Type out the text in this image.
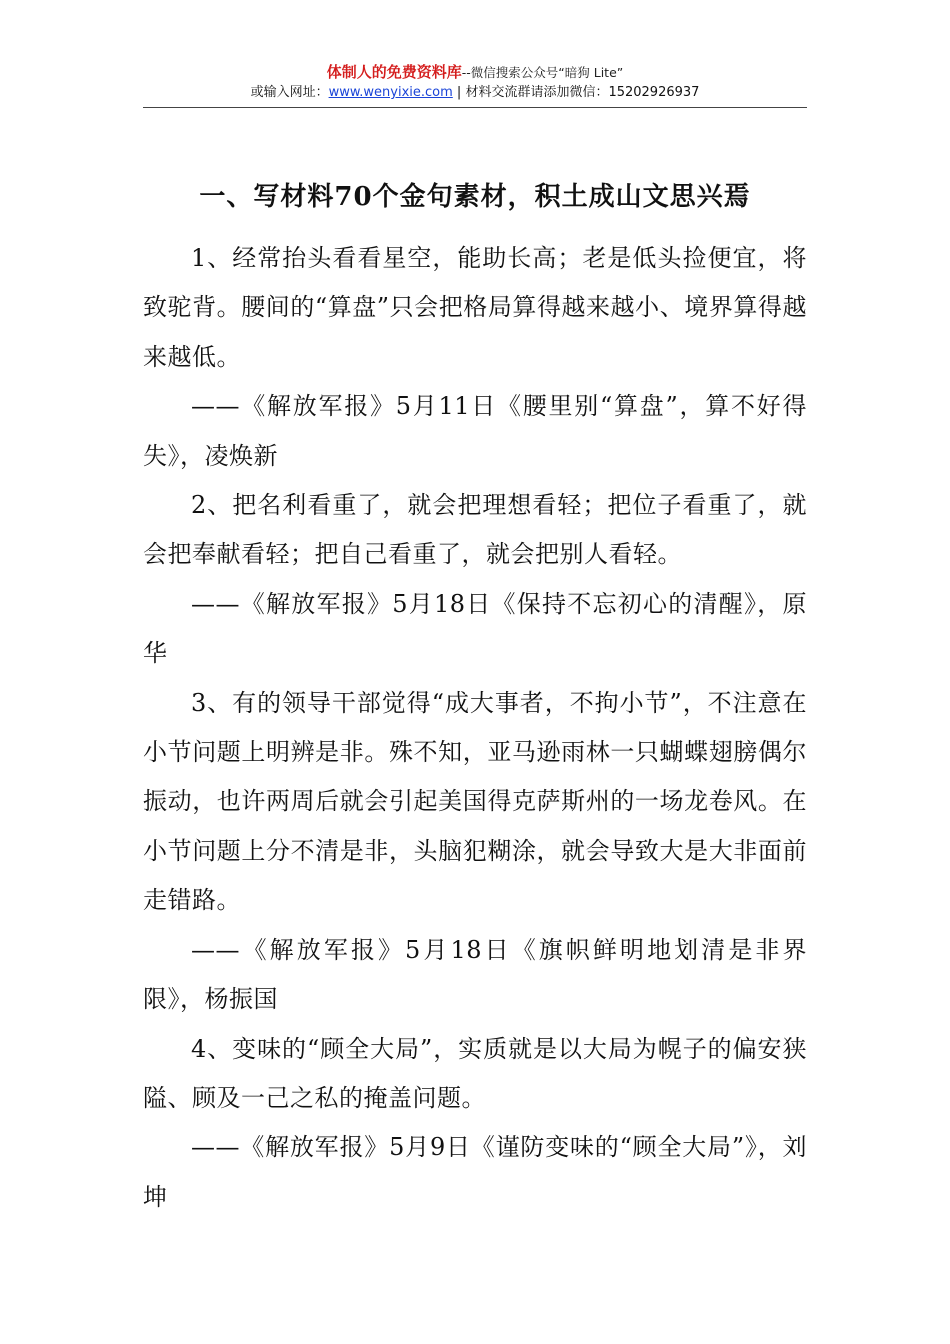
体制人的免费资料库--微信搜索公众号“暗狗 Lite”
或输入网址：www.wenyixie.com | 材料交流群请添加微信：15202926937
一、写材料70个金句素材，积土成山文思兴焉

1、经常抬头看看星空，能助长高；老是低头捡便宜，将致驼背。腰间的“算盘”只会把格局算得越来越小、境界算得越来越低。

——《解放军报》5月11日《腰里别“算盘”，算不好得失》，凌焕新

2、把名利看重了，就会把理想看轻；把位子看重了，就会把奉献看轻；把自己看重了，就会把别人看轻。

——《解放军报》5月18日《保持不忘初心的清醒》，原华

3、有的领导干部觉得“成大事者，不拘小节”，不注意在小节问题上明辨是非。殊不知，亚马逊雨林一只蝴蝶翅膀偶尔振动，也许两周后就会引起美国得克萨斯州的一场龙卷风。在小节问题上分不清是非，头脑犯糊涂，就会导致大是大非面前走错路。

——《解放军报》5月18日《旗帜鲜明地划清是非界限》，杨振国

4、变味的“顾全大局”，实质就是以大局为幌子的偏安狭隘、顾及一己之私的掩盖问题。

——《解放军报》5月9日《谨防变味的“顾全大局”》，刘坤
